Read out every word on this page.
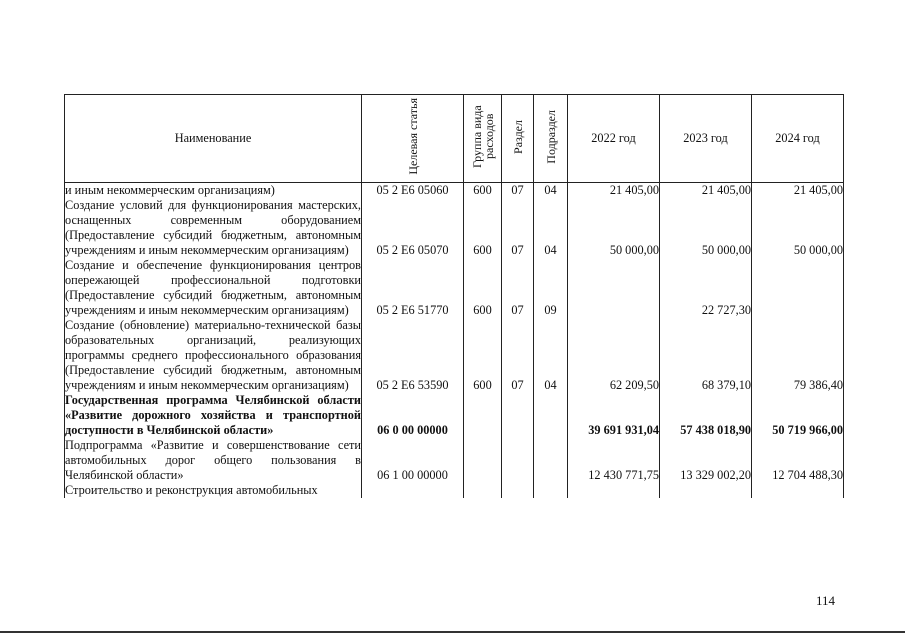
Наименование	Целевая статья	Группа вида расходов	Раздел	Подраздел	2022 год	2023 год	2024 год
и иным некоммерческим организациям)	05 2 E6 05060	600	07	04	21 405,00	21 405,00	21 405,00
Создание условий для функционирования мастерских, оснащенных современным оборудованием (Предоставление субсидий бюджетным, автономным учреждениям и иным некоммерческим организациям)	05 2 E6 05070	600	07	04	50 000,00	50 000,00	50 000,00
Создание и обеспечение функционирования центров опережающей профессиональной подготовки (Предоставление субсидий бюджетным, автономным учреждениям и иным некоммерческим организациям)	05 2 E6 51770	600	07	09		22 727,30	
Создание (обновление) материально-технической базы образовательных организаций, реализующих программы среднего профессионального образования (Предоставление субсидий бюджетным, автономным учреждениям и иным некоммерческим организациям)	05 2 E6 53590	600	07	04	62 209,50	68 379,10	79 386,40
Государственная программа Челябинской области «Развитие дорожного хозяйства и транспортной доступности в Челябинской области»	06 0 00 00000				39 691 931,04	57 438 018,90	50 719 966,00
Подпрограмма «Развитие и совершенствование сети автомобильных дорог общего пользования в Челябинской области»	06 1 00 00000				12 430 771,75	13 329 002,20	12 704 488,30
Строительство и реконструкция автомобильных							
114
